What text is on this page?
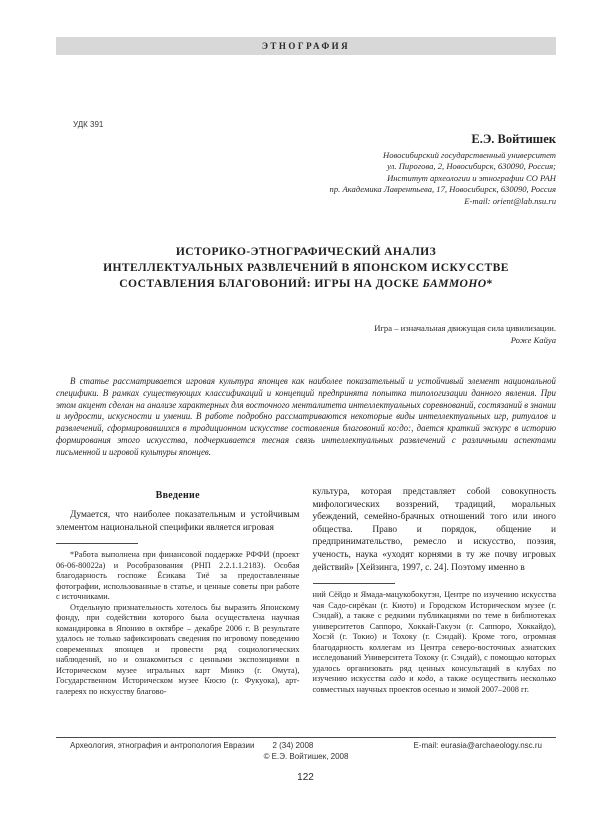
ЭТНОГРАФИЯ
УДК 391
Е.Э. Войтишек
Новосибирский государственный университет
ул. Пирогова, 2, Новосибирск, 630090, Россия;
Институт археологии и этнографии СО РАН
пр. Академика Лаврентьева, 17, Новосибирск, 630090, Россия
E-mail: orient@lab.nsu.ru
ИСТОРИКО-ЭТНОГРАФИЧЕСКИЙ АНАЛИЗ
ИНТЕЛЛЕКТУАЛЬНЫХ РАЗВЛЕЧЕНИЙ В ЯПОНСКОМ ИСКУССТВЕ
СОСТАВЛЕНИЯ БЛАГОВОНИЙ: ИГРЫ НА ДОСКЕ БАММОНО*
Игра – изначальная движущая сила цивилизации.
Роже Кайуа

В статье рассматривается игровая культура японцев как наиболее показательный и устойчивый элемент национальной специфики. В рамках существующих классификаций и концепций предпринята попытка типологизации данного явления. При этом акцент сделан на анализе характерных для восточного менталитета интеллектуальных соревнований, состязаний в знании и мудрости, искусности и умении. В работе подробно рассматриваются некоторые виды интеллектуальных игр, ритуалов и развлечений, сформировавшихся в традиционном искусстве составления благовоний ко:до:, дается краткий экскурс в историю формирования этого искусства, подчеркивается тесная связь интеллектуальных развлечений с различными аспектами письменной и игровой культуры японцев.

Введение

Думается, что наиболее показательным и устойчивым элементом национальной специфики является игровая

*Работа выполнена при финансовой поддержке РФФИ (проект 06-06-80022а) и Рособразования (РНП 2.2.1.1.2183). Особая благодарность госпоже Ёсикава Тиё за предоставленные фотографии, использованные в статье, и ценные советы при работе с источниками.

Отдельную признательность хотелось бы выразить Японскому фонду, при содействии которого была осуществлена научная командировка в Японию в октябре – декабре 2006 г. В результате удалось не только зафиксировать сведения по игровому поведению современных японцев и провести ряд социологических наблюдений, но и ознакомиться с ценными экспозициями в Историческом музее игральных карт Минкэ (г. Омута), Государственном Историческом музее Кюсю (г. Фукуока), арт-галереях по искусству благово-

культура, которая представляет собой совокупность мифологических воззрений, традиций, моральных убеждений, семейно-брачных отношений того или иного общества. Право и порядок, общение и предпринимательство, ремесло и искусство, поэзия, ученость, наука «уходят корнями в ту же почву игровых действий» [Хейзинга, 1997, с. 24]. Поэтому именно в

ний Сёйдо и Ямада-мацукобокутэн, Центре по изучению искусства чая Садо-сирёкан (г. Киото) и Городском Историческом музее (г. Сэндай), а также с редкими публикациями по теме в библиотеках университетов Саппоро, Хоккай-Гакуэн (г. Саппоро, Хоккайдо), Хосэй (г. Токио) и Тохоку (г. Сэндай). Кроме того, огромная благодарность коллегам из Центра северо-восточных азиатских исследований Университета Тохоку (г. Сэндай), с помощью которых удалось организовать ряд ценных консультаций в клубах по изучению искусства садо и кодо, а также осуществить несколько совместных научных проектов осенью и зимой 2007–2008 гг.

Археология, этнография и антропология Евразии 2 (34) 2008	E-mail: eurasia@archaeology.nsc.ru
© Е.Э. Войтишек, 2008
122
